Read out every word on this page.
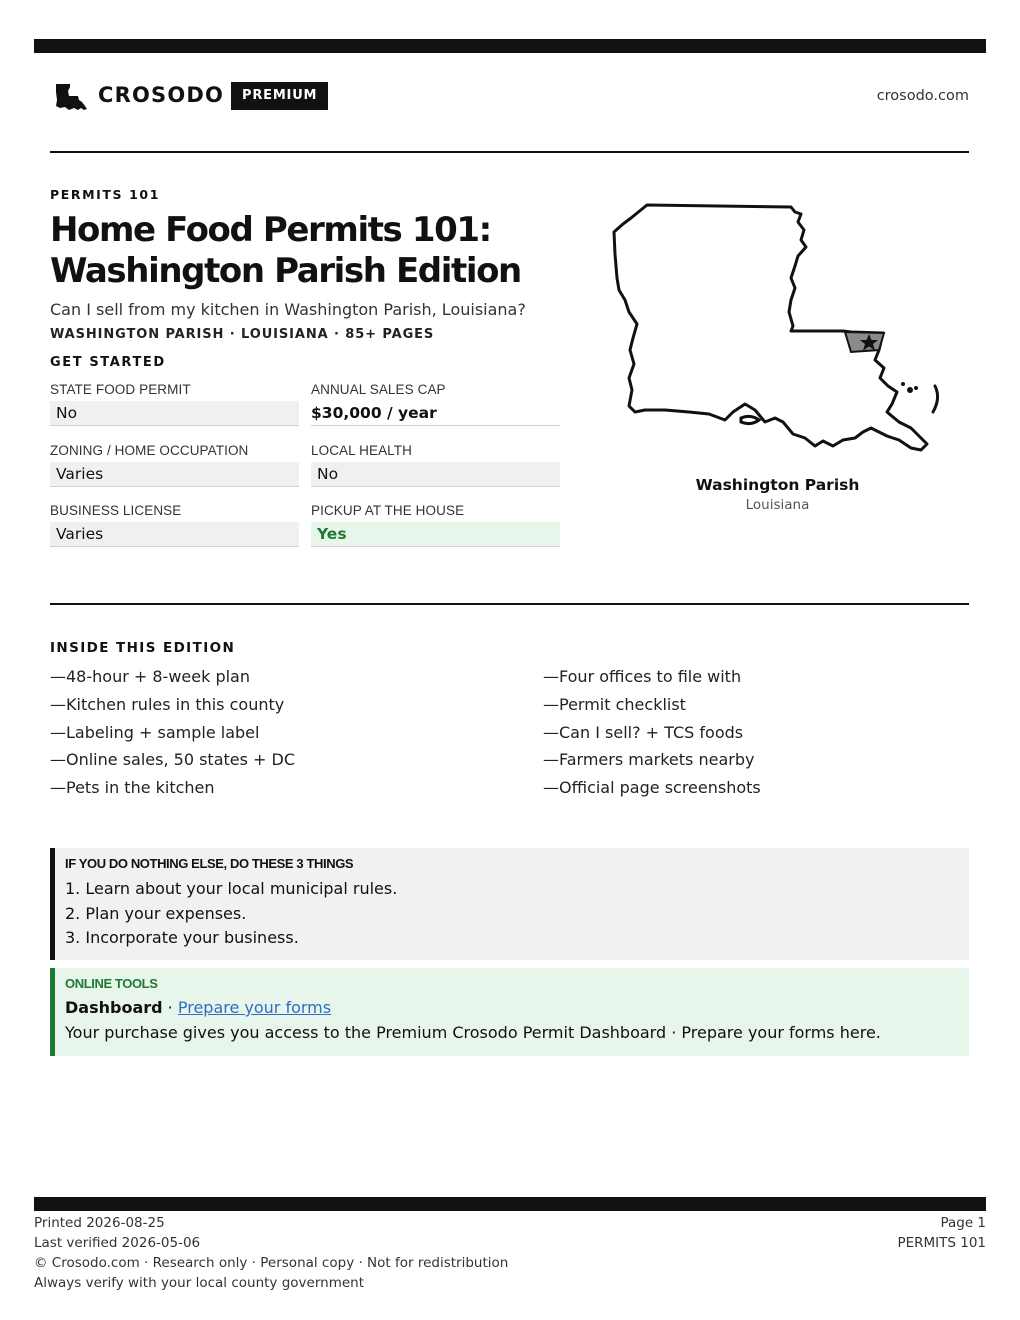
CROSODO	PREMIUM	crosodo.com
PERMITS 101
Home Food Permits 101:
Washington Parish Edition
Can I sell from my kitchen in Washington Parish, Louisiana?
WASHINGTON PARISH · LOUISIANA · 85+ PAGES
GET STARTED
STATE FOOD PERMIT
No
ANNUAL SALES CAP
$30,000 / year
ZONING / HOME OCCUPATION
Varies
LOCAL HEALTH
No
BUSINESS LICENSE
Varies
PICKUP AT THE HOUSE
Yes
Washington Parish
Louisiana
INSIDE THIS EDITION
—48-hour + 8-week plan
—Kitchen rules in this county
—Labeling + sample label
—Online sales, 50 states + DC
—Pets in the kitchen
—Four offices to file with
—Permit checklist
—Can I sell? + TCS foods
—Farmers markets nearby
—Official page screenshots
IF YOU DO NOTHING ELSE, DO THESE 3 THINGS
1. Learn about your local municipal rules.
2. Plan your expenses.
3. Incorporate your business.
ONLINE TOOLS
Dashboard · Prepare your forms
Your purchase gives you access to the Premium Crosodo Permit Dashboard · Prepare your forms here.
Printed 2026-08-25
Last verified 2026-05-06
© Crosodo.com · Research only · Personal copy · Not for redistribution
Always verify with your local county government
Page 1
PERMITS 101
